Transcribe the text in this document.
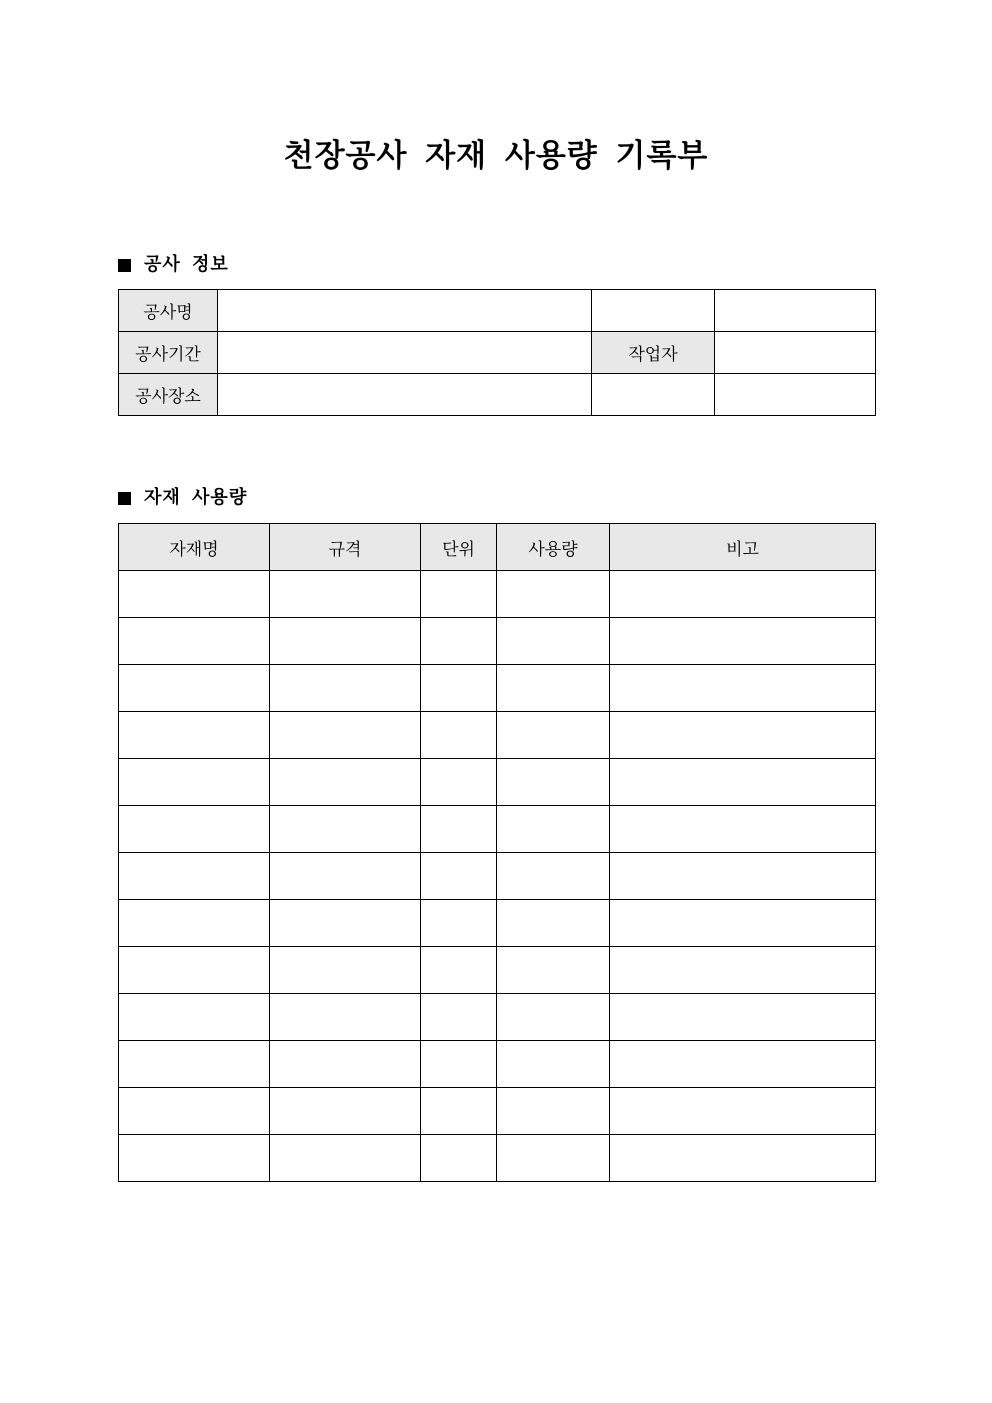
천장공사 자재 사용량 기록부
공사 정보
공사명			
공사기간		작업자	
공사장소			
자재 사용량
자재명	규격	단위	사용량	비고
